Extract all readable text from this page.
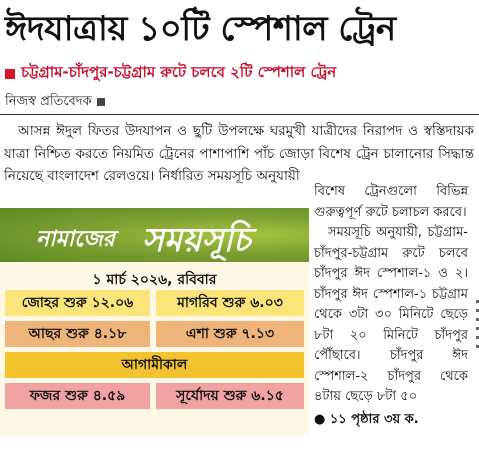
ঈদযাত্রায় ১০টি স্পেশাল ট্রেন
চট্টগ্রাম-চাঁদপুর-চট্টগ্রাম রুটে চলবে ২টি স্পেশাল ট্রেন
নিজস্ব প্রতিবেদক
আসন্ন ঈদুল ফিতর উদযাপন ও ছুটি উপলক্ষে ঘরমুখী যাত্রীদের নিরাপদ ও স্বস্তিদায়ক যাত্রা নিশ্চিত করতে নিয়মিত ট্রেনের পাশাপাশি পাঁচ জোড়া বিশেষ ট্রেন চালানোর সিদ্ধান্ত নিয়েছে বাংলাদেশ রেলওয়ে। নির্ধারিত সময়সূচি অনুযায়ী

বিশেষ ট্রেনগুলো বিভিন্ন গুরুত্বপূর্ণ রুটে চলাচল করবে।

সময়সূচি অনুযায়ী, চট্টগ্রাম-চাঁদপুর-চট্টগ্রাম রুটে চলবে চাঁদপুর ঈদ স্পেশাল-১ ও ২। চাঁদপুর ঈদ স্পেশাল-১ চট্টগ্রাম থেকে ৩টা ৩০ মিনিটে ছেড়ে ৮টা ২০ মিনিটে চাঁদপুর পৌঁছাবে। চাঁদপুর ঈদ স্পেশাল-২ চাঁদপুর থেকে ৪টায় ছেড়ে ৮টা ৫০

● ১১ পৃষ্ঠার ৩য় ক.

নামাজের সময়সূচি
১ মার্চ ২০২৬, রবিবার
জোহর শুরু ১২.০৬	মাগরিব শুরু ৬.০৩
আছর শুরু ৪.১৮	এশা শুরু ৭.১৩
আগামীকাল
ফজর শুরু ৪.৫৯	সূর্যোদয় শুরু ৬.১৫
